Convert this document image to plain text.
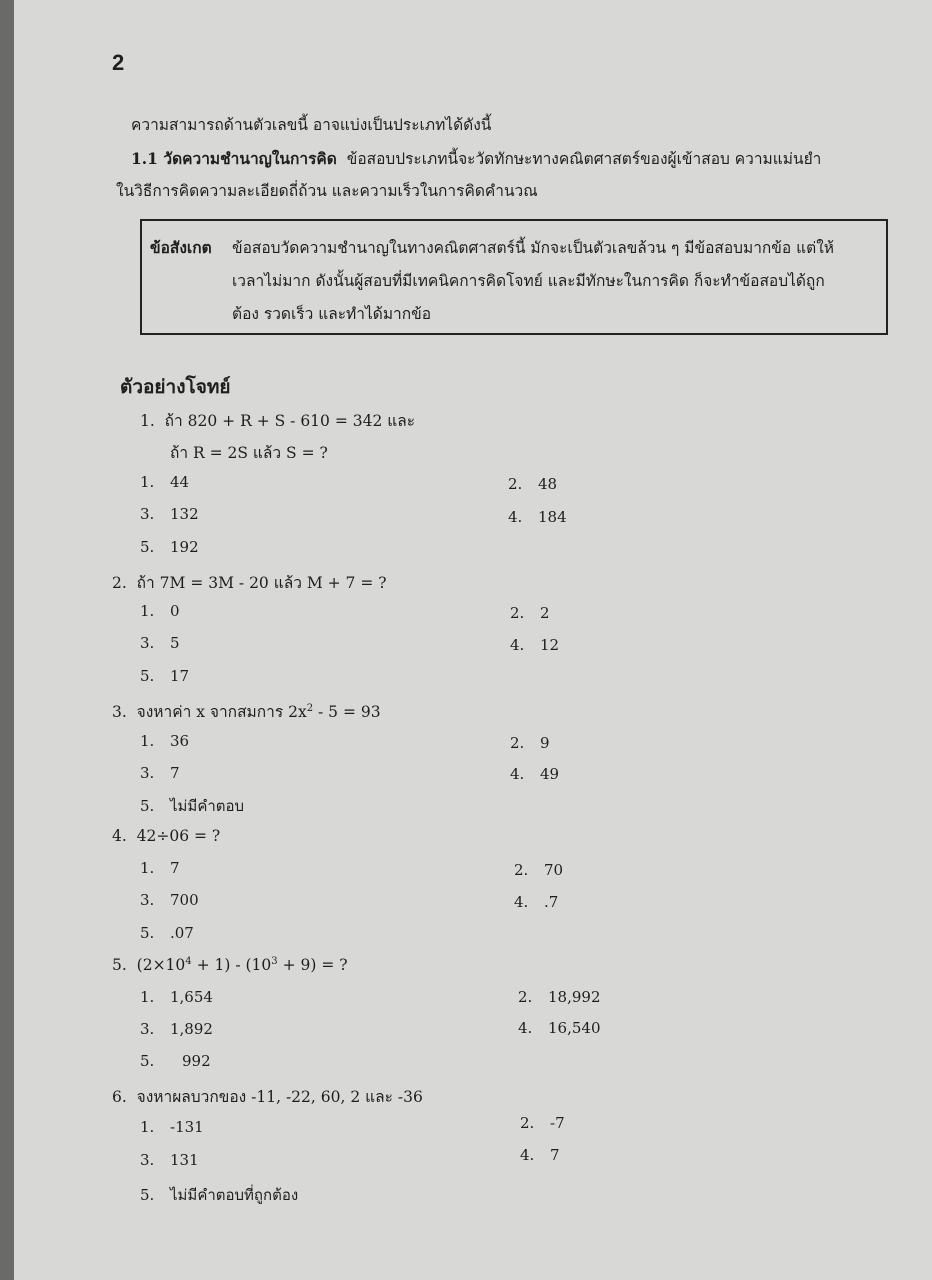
2
ความสามารถด้านตัวเลขนี้ อาจแบ่งเป็นประเภทได้ดังนี้
1.1 วัดความชำนาญในการคิด ข้อสอบประเภทนี้จะวัดทักษะทางคณิตศาสตร์ของผู้เข้าสอบ ความแม่นยำ
ในวิธีการคิดความละเอียดถี่ถ้วน และความเร็วในการคิดคำนวณ
ข้อสังเกต ข้อสอบวัดความชำนาญในทางคณิตศาสตร์นี้ มักจะเป็นตัวเลขล้วน ๆ มีข้อสอบมากข้อ แต่ให้
เวลาไม่มาก ดังนั้นผู้สอบที่มีเทคนิคการคิดโจทย์ และมีทักษะในการคิด ก็จะทำข้อสอบได้ถูก
ต้อง รวดเร็ว และทำได้มากข้อ
ตัวอย่างโจทย์
1. ถ้า 820 + R + S - 610 = 342 และ
ถ้า R = 2S แล้ว S = ?
1. 44	2. 48
3. 132	4. 184
5. 192
2. ถ้า 7M = 3M - 20 แล้ว M + 7 = ?
1. 0	2. 2
3. 5	4. 12
5. 17
3. จงหาค่า x จากสมการ $2x^2 - 5 = 93$
1. 36	2. 9
3. 7	4. 49
5. ไม่มีคำตอบ
4. 42÷06 = ?
1. 7	2. 70
3. 700	4. .7
5. .07
5. $(2\times 10^4 + 1) - (10^3 + 9)$ = ?
1. 1,654	2. 18,992
3. 1,892	4. 16,540
5. 992
6. จงหาผลบวกของ -11, -22, 60, 2 และ -36
1. -131	2. -7
3. 131	4. 7
5. ไม่มีคำตอบที่ถูกต้อง
